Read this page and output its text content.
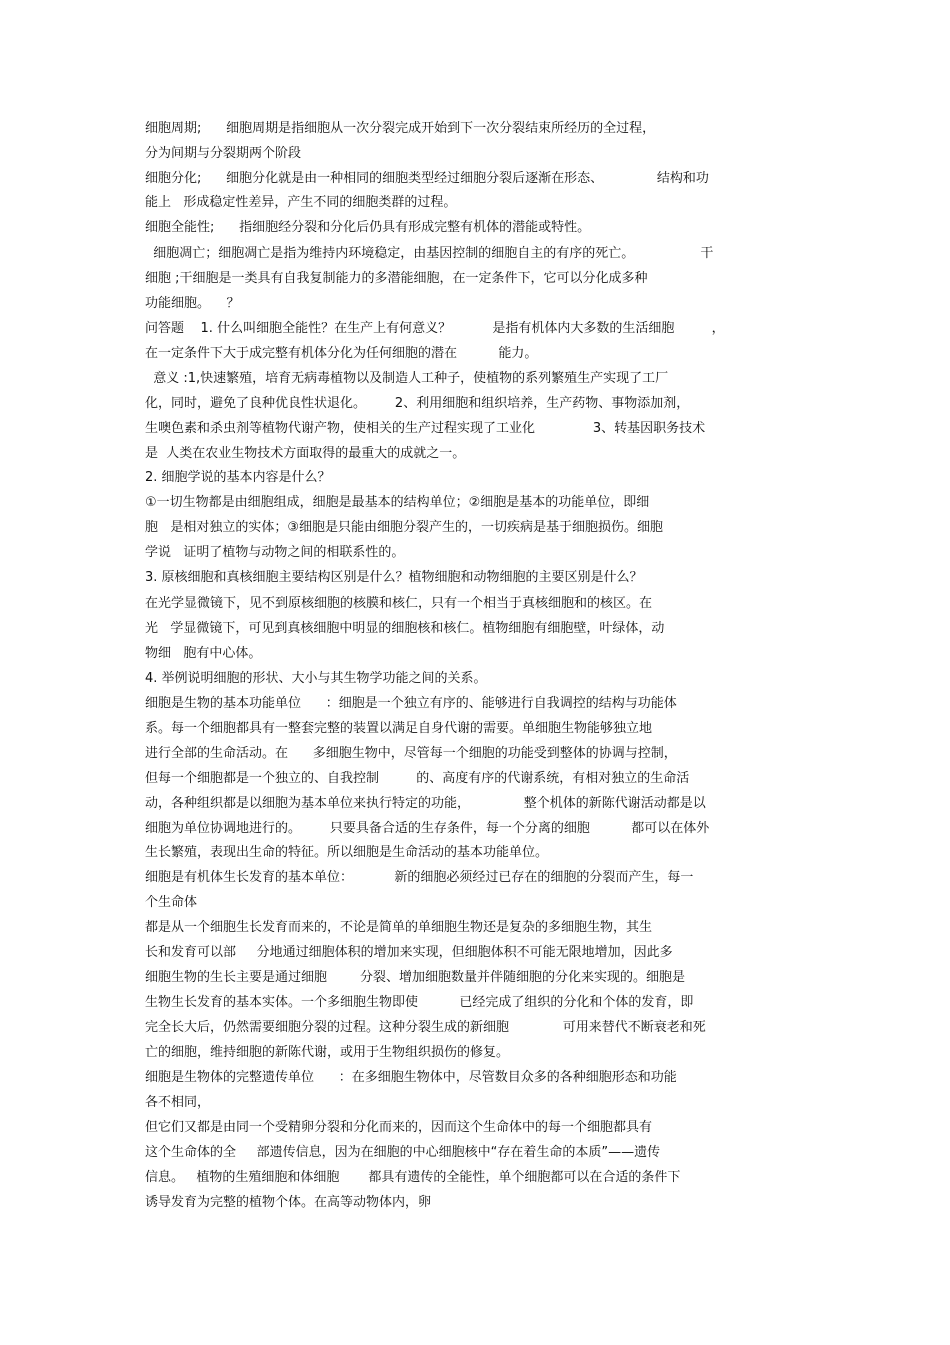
细胞周期;      细胞周期是指细胞从一次分裂完成开始到下一次分裂结束所经历的全过程，
分为间期与分裂期两个阶段
细胞分化;      细胞分化就是由一种相同的细胞类型经过细胞分裂后逐渐在形态、             结构和功
能上   形成稳定性差异，产生不同的细胞类群的过程。
细胞全能性;      指细胞经分裂和分化后仍具有形成完整有机体的潜能或特性。
细胞凋亡；细胞凋亡是指为维持内环境稳定，由基因控制的细胞自主的有序的死亡。                干
细胞 ;干细胞是一类具有自我复制能力的多潜能细胞，在一定条件下，它可以分化成多种
功能细胞。    ？
问答题    1. 什么叫细胞全能性？在生产上有何意义？          是指有机体内大多数的生活细胞         ，
在一定条件下大于成完整有机体分化为任何细胞的潜在          能力。
意义 :1,快速繁殖，培育无病毒植物以及制造人工种子，使植物的系列繁殖生产实现了工厂
化，同时，避免了良种优良性状退化。       2、利用细胞和组织培养，生产药物、事物添加剂，
生噢色素和杀虫剂等植物代谢产物，使相关的生产过程实现了工业化              3、转基因职务技术
是  人类在农业生物技术方面取得的最重大的成就之一。
2. 细胞学说的基本内容是什么？
①一切生物都是由细胞组成，细胞是最基本的结构单位；②细胞是基本的功能单位，即细
胞   是相对独立的实体；③细胞是只能由细胞分裂产生的，一切疾病是基于细胞损伤。细胞
学说   证明了植物与动物之间的相联系性的。
3. 原核细胞和真核细胞主要结构区别是什么？植物细胞和动物细胞的主要区别是什么？
在光学显微镜下，见不到原核细胞的核膜和核仁，只有一个相当于真核细胞和的核区。在
光   学显微镜下，可见到真核细胞中明显的细胞核和核仁。植物细胞有细胞壁，叶绿体，动
物细   胞有中心体。
4. 举例说明细胞的形状、大小与其生物学功能之间的关系。
细胞是生物的基本功能单位      ：细胞是一个独立有序的、能够进行自我调控的结构与功能体
系。每一个细胞都具有一整套完整的装置以满足自身代谢的需要。单细胞生物能够独立地
进行全部的生命活动。在      多细胞生物中，尽管每一个细胞的功能受到整体的协调与控制，
但每一个细胞都是一个独立的、自我控制         的、高度有序的代谢系统，有相对独立的生命活
动，各种组织都是以细胞为基本单位来执行特定的功能，             整个机体的新陈代谢活动都是以
细胞为单位协调地进行的。       只要具备合适的生存条件，每一个分离的细胞          都可以在体外
生长繁殖，表现出生命的特征。所以细胞是生命活动的基本功能单位。
细胞是有机体生长发育的基本单位：          新的细胞必须经过已存在的细胞的分裂而产生，每一
个生命体
都是从一个细胞生长发育而来的，不论是简单的单细胞生物还是复杂的多细胞生物，其生
长和发育可以部     分地通过细胞体积的增加来实现，但细胞体积不可能无限地增加，因此多
细胞生物的生长主要是通过细胞        分裂、增加细胞数量并伴随细胞的分化来实现的。细胞是
生物生长发育的基本实体。一个多细胞生物即使          已经完成了组织的分化和个体的发育，即
完全长大后，仍然需要细胞分裂的过程。这种分裂生成的新细胞             可用来替代不断衰老和死
亡的细胞，维持细胞的新陈代谢，或用于生物组织损伤的修复。
细胞是生物体的完整遗传单位      ：在多细胞生物体中，尽管数目众多的各种细胞形态和功能
各不相同，
但它们又都是由同一个受精卵分裂和分化而来的，因而这个生命体中的每一个细胞都具有
这个生命体的全     部遗传信息，因为在细胞的中心细胞核中“存在着生命的本质”——遗传
信息。   植物的生殖细胞和体细胞       都具有遗传的全能性，单个细胞都可以在合适的条件下
诱导发育为完整的植物个体。在高等动物体内，卵
